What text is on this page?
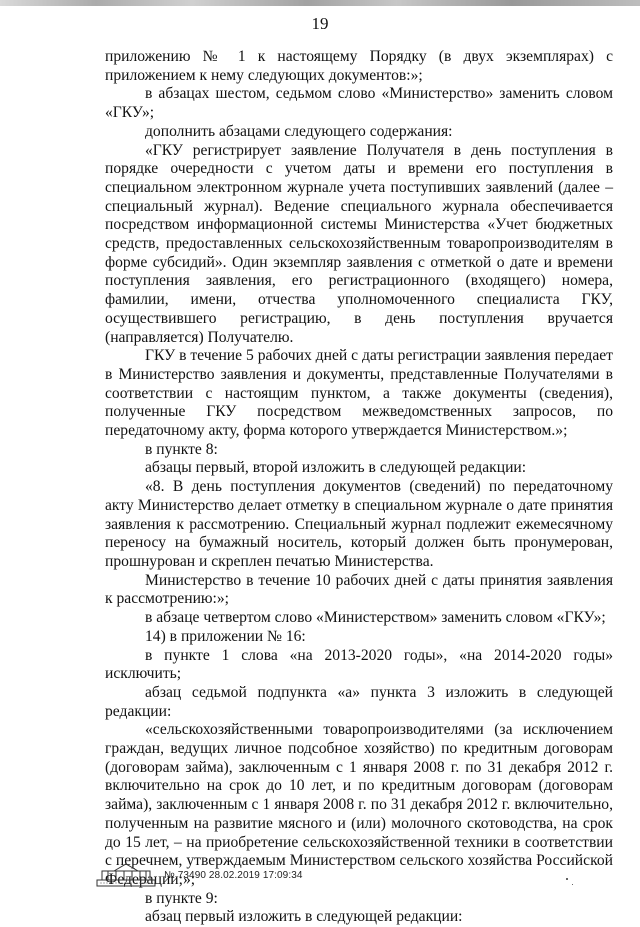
19

приложению № 1 к настоящему Порядку (в двух экземплярах) с приложением к нему следующих документов:»;

в абзацах шестом, седьмом слово «Министерство» заменить словом «ГКУ»;

дополнить абзацами следующего содержания:

«ГКУ регистрирует заявление Получателя в день поступления в порядке очередности с учетом даты и времени его поступления в специальном электронном журнале учета поступивших заявлений (далее – специальный журнал). Ведение специального журнала обеспечивается посредством информационной системы Министерства «Учет бюджетных средств, предоставленных сельскохозяйственным товаропроизводителям в форме субсидий». Один экземпляр заявления с отметкой о дате и времени поступления заявления, его регистрационного (входящего) номера, фамилии, имени, отчества уполномоченного специалиста ГКУ, осуществившего регистрацию, в день поступления вручается (направляется) Получателю.

ГКУ в течение 5 рабочих дней с даты регистрации заявления передает в Министерство заявления и документы, представленные Получателями в соответствии с настоящим пунктом, а также документы (сведения), полученные ГКУ посредством межведомственных запросов, по передаточному акту, форма которого утверждается Министерством.»;

в пункте 8:

абзацы первый, второй изложить в следующей редакции:

«8. В день поступления документов (сведений) по передаточному акту Министерство делает отметку в специальном журнале о дате принятия заявления к рассмотрению. Специальный журнал подлежит ежемесячному переносу на бумажный носитель, который должен быть пронумерован, прошнурован и скреплен печатью Министерства.

Министерство в течение 10 рабочих дней с даты принятия заявления к рассмотрению:»;

в абзаце четвертом слово «Министерством» заменить словом «ГКУ»;

14) в приложении № 16:

в пункте 1 слова «на 2013-2020 годы», «на 2014-2020 годы» исключить;

абзац седьмой подпункта «а» пункта 3 изложить в следующей редакции:

«сельскохозяйственными товаропроизводителями (за исключением граждан, ведущих личное подсобное хозяйство) по кредитным договорам (договорам займа), заключенным с 1 января 2008 г. по 31 декабря 2012 г. включительно на срок до 10 лет, и по кредитным договорам (договорам займа), заключенным с 1 января 2008 г. по 31 декабря 2012 г. включительно, полученным на развитие мясного и (или) молочного скотоводства, на срок до 15 лет, – на приобретение сельскохозяйственной техники в соответствии с перечнем, утверждаемым Министерством сельского хозяйства Российской Федерации;»;

в пункте 9:

абзац первый изложить в следующей редакции:

№ 73490 28.02.2019 17:09:34
